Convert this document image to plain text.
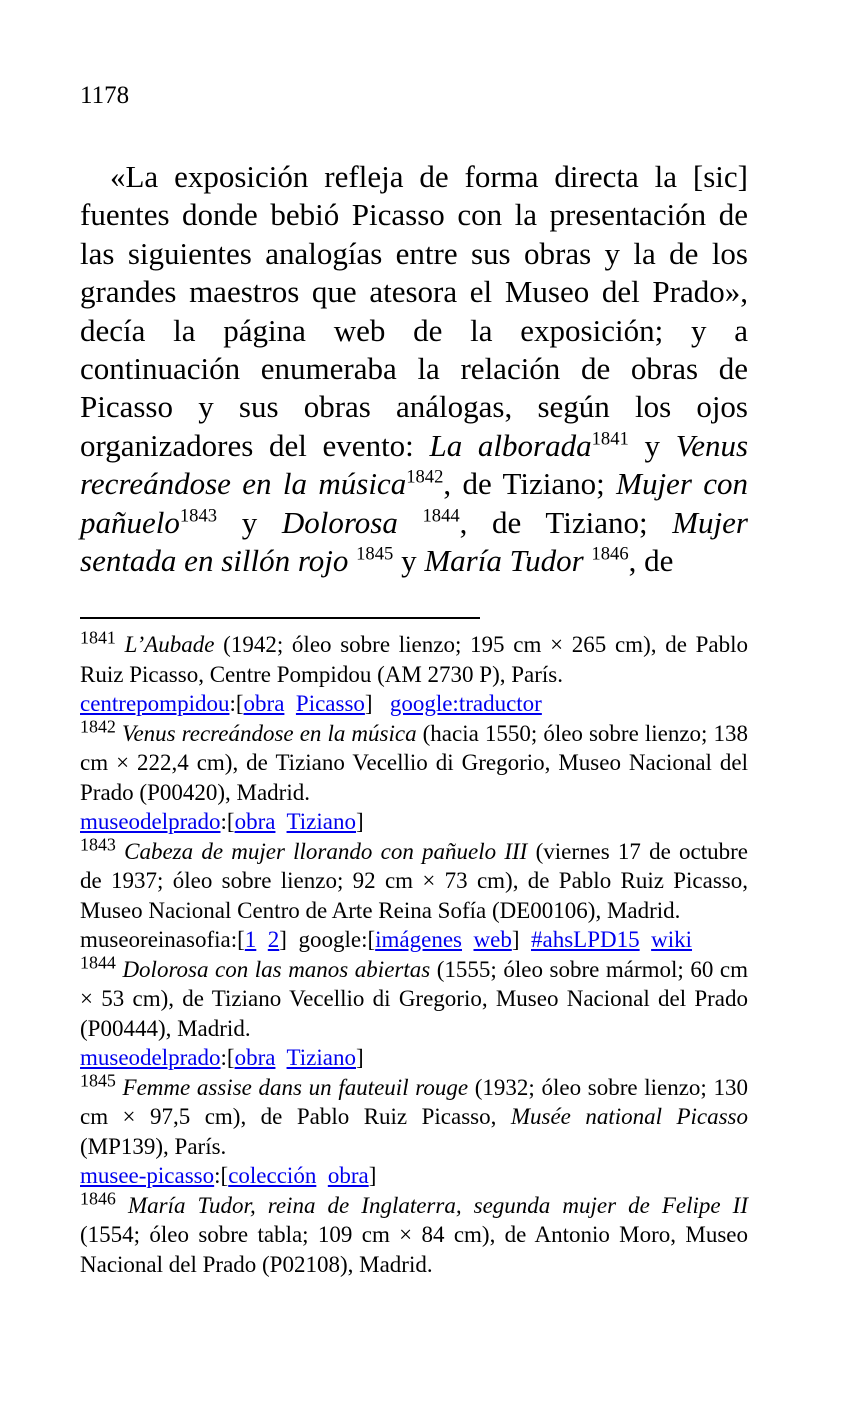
1178
«La exposición refleja de forma directa la [sic] fuentes donde bebió Picasso con la presentación de las siguientes analogías entre sus obras y la de los grandes maestros que atesora el Museo del Prado», decía la página web de la exposición; y a continuación enumeraba la relación de obras de Picasso y sus obras análogas, según los ojos organizadores del evento: La alborada$^{1841}$ y Venus recreándose en la música$^{1842}$, de Tiziano; Mujer con pañuelo$^{1843}$ y Dolorosa $^{1844}$, de Tiziano; Mujer sentada en sillón rojo $^{1845}$ y María Tudor $^{1846}$, de

$^{1841}$ L’Aubade (1942; óleo sobre lienzo; 195 cm × 265 cm), de Pablo Ruiz Picasso, Centre Pompidou (AM 2730 P), París.

centrepompidou:[obra Picasso]   google:traductor

$^{1842}$ Venus recreándose en la música (hacia 1550; óleo sobre lienzo; 138 cm × 222,4 cm), de Tiziano Vecellio di Gregorio, Museo Nacional del Prado (P00420), Madrid.

museodelprado:[obra Tiziano]

$^{1843}$ Cabeza de mujer llorando con pañuelo III (viernes 17 de octubre de 1937; óleo sobre lienzo; 92 cm × 73 cm), de Pablo Ruiz Picasso, Museo Nacional Centro de Arte Reina Sofía (DE00106), Madrid.

museoreinasofia:[1 2]  google:[imágenes web]  #ahsLPD15 wiki

$^{1844}$ Dolorosa con las manos abiertas (1555; óleo sobre mármol; 60 cm × 53 cm), de Tiziano Vecellio di Gregorio, Museo Nacional del Prado (P00444), Madrid.

museodelprado:[obra Tiziano]

$^{1845}$ Femme assise dans un fauteuil rouge (1932; óleo sobre lienzo; 130 cm × 97,5 cm), de Pablo Ruiz Picasso, Musée national Picasso (MP139), París.

musee-picasso:[colección obra]

$^{1846}$ María Tudor, reina de Inglaterra, segunda mujer de Felipe II (1554; óleo sobre tabla; 109 cm × 84 cm), de Antonio Moro, Museo Nacional del Prado (P02108), Madrid.
